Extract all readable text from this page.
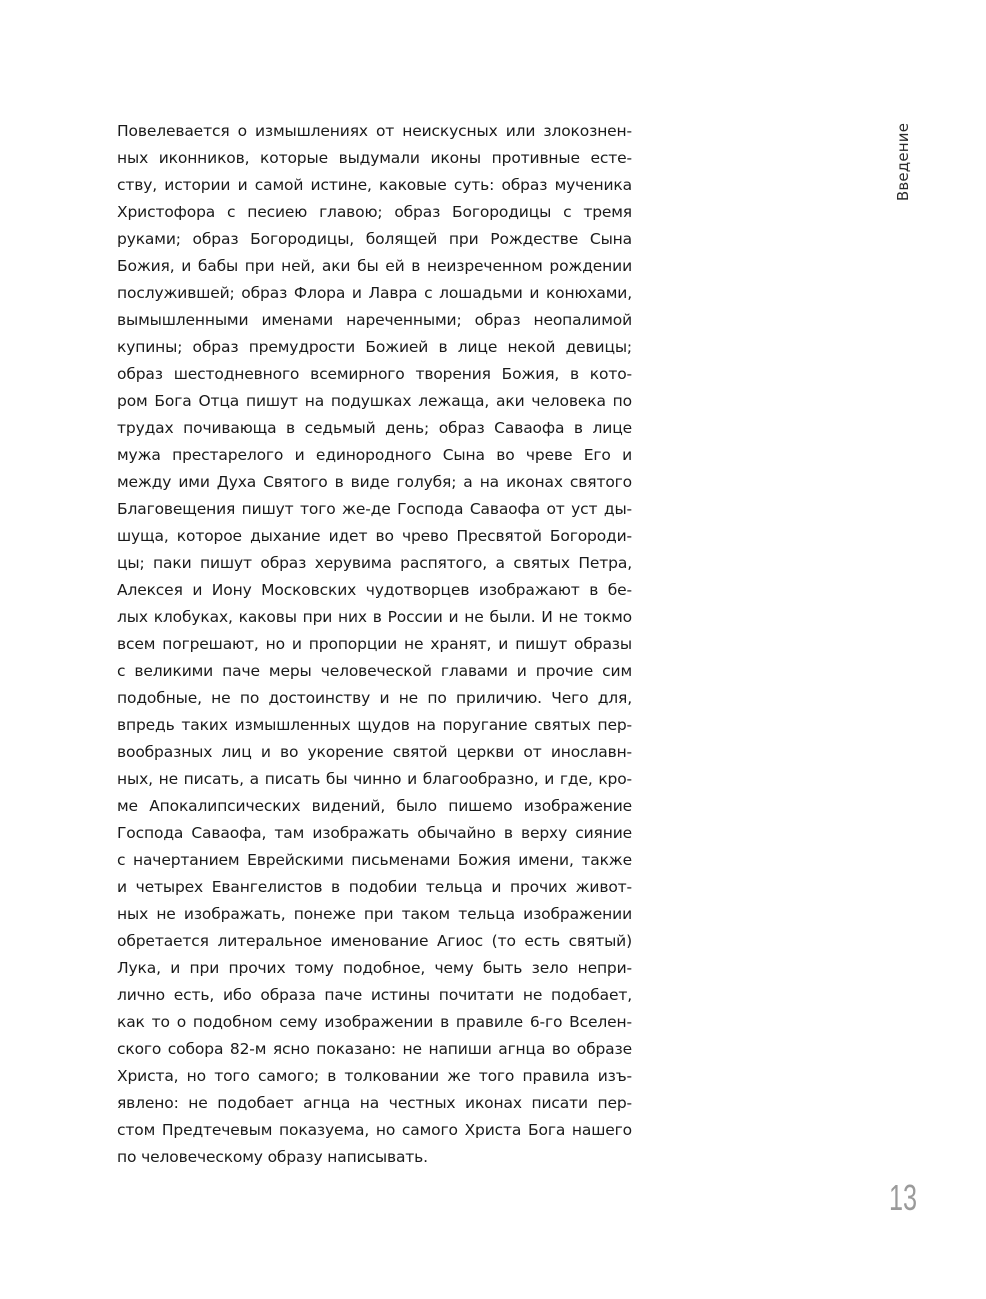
Повелевается о измышлениях от неискусных или злокознен-
ных иконников, которые выдумали иконы противные есте-
ству, истории и самой истине, каковые суть: образ мученика
Христофора с песиею главою; образ Богородицы с тремя
руками; образ Богородицы, болящей при Рождестве Сына
Божия, и бабы при ней, аки бы ей в неизреченном рождении
послужившей; образ Флора и Лавра с лошадьми и конюхами,
вымышленными именами нареченными; образ неопалимой
купины; образ премудрости Божией в лице некой девицы;
образ шестодневного всемирного творения Божия, в кото-
ром Бога Отца пишут на подушках лежаща, аки человека по
трудах почивающа в седьмый день; образ Саваофа в лице
мужа престарелого и единородного Сына во чреве Его и
между ими Духа Святого в виде голубя; а на иконах святого
Благовещения пишут того же-де Господа Саваофа от уст ды-
шуща, которое дыхание идет во чрево Пресвятой Богороди-
цы; паки пишут образ херувима распятого, а святых Петра,
Алексея и Иону Московских чудотворцев изображают в бе-
лых клобуках, каковы при них в России и не были. И не токмо
всем погрешают, но и пропорции не хранят, и пишут образы
с великими паче меры человеческой главами и прочие сим
подобные, не по достоинству и не по приличию. Чего для,
впредь таких измышленных щудов на поругание святых пер-
вообразных лиц и во укорение святой церкви от инославн-
ных, не писать, а писать бы чинно и благообразно, и где, кро-
ме Апокалипсических видений, было пишемо изображение
Господа Саваофа, там изображать обычайно в верху сияние
с начертанием Еврейскими письменами Божия имени, также
и четырех Евангелистов в подобии тельца и прочих живот-
ных не изображать, понеже при таком тельца изображении
обретается литеральное именование Агиос (то есть святый)
Лука, и при прочих тому подобное, чему быть зело непри-
лично есть, ибо образа паче истины почитати не подобает,
как то о подобном сему изображении в правиле 6-го Вселен-
ского собора 82-м ясно показано: не напиши агнца во образе
Христа, но того самого; в толковании же того правила изъ-
явлено: не подобает агнца на честных иконах писати пер-
стом Предтечевым показуема, но самого Христа Бога нашего
по человеческому образу написывать.
Введение
13
